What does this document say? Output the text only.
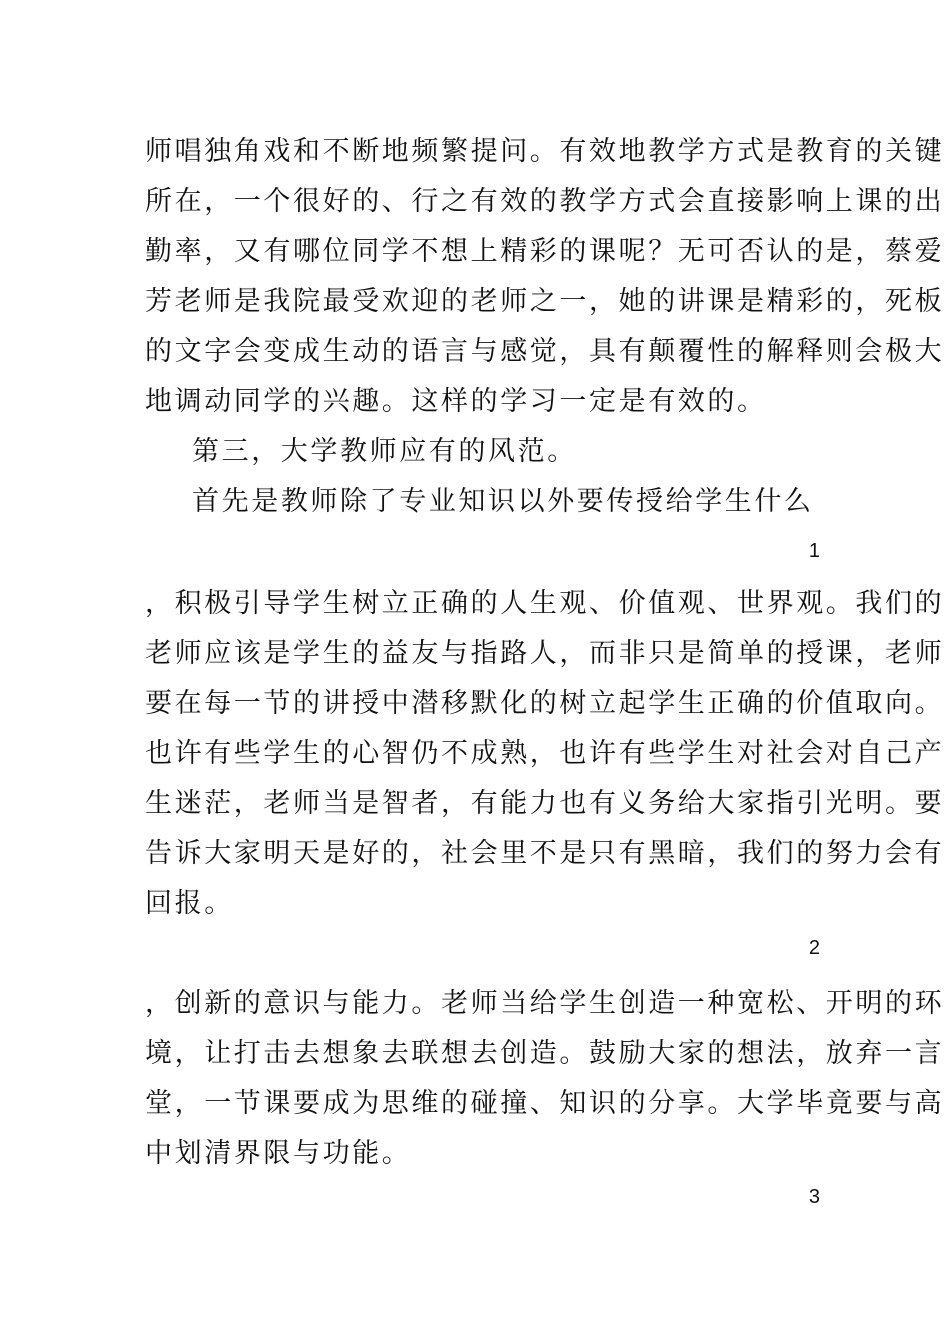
师唱独角戏和不断地频繁提问。有效地教学方式是教育的关键
所在，一个很好的、行之有效的教学方式会直接影响上课的出
勤率，又有哪位同学不想上精彩的课呢？无可否认的是，蔡爱
芳老师是我院最受欢迎的老师之一，她的讲课是精彩的，死板
的文字会变成生动的语言与感觉，具有颠覆性的解释则会极大
地调动同学的兴趣。这样的学习一定是有效的。
第三，大学教师应有的风范。
首先是教师除了专业知识以外要传授给学生什么
1
，积极引导学生树立正确的人生观、价值观、世界观。我们的
老师应该是学生的益友与指路人，而非只是简单的授课，老师
要在每一节的讲授中潜移默化的树立起学生正确的价值取向。
也许有些学生的心智仍不成熟，也许有些学生对社会对自己产
生迷茫，老师当是智者，有能力也有义务给大家指引光明。要
告诉大家明天是好的，社会里不是只有黑暗，我们的努力会有
回报。
2
，创新的意识与能力。老师当给学生创造一种宽松、开明的环
境，让打击去想象去联想去创造。鼓励大家的想法，放弃一言
堂，一节课要成为思维的碰撞、知识的分享。大学毕竟要与高
中划清界限与功能。
3
